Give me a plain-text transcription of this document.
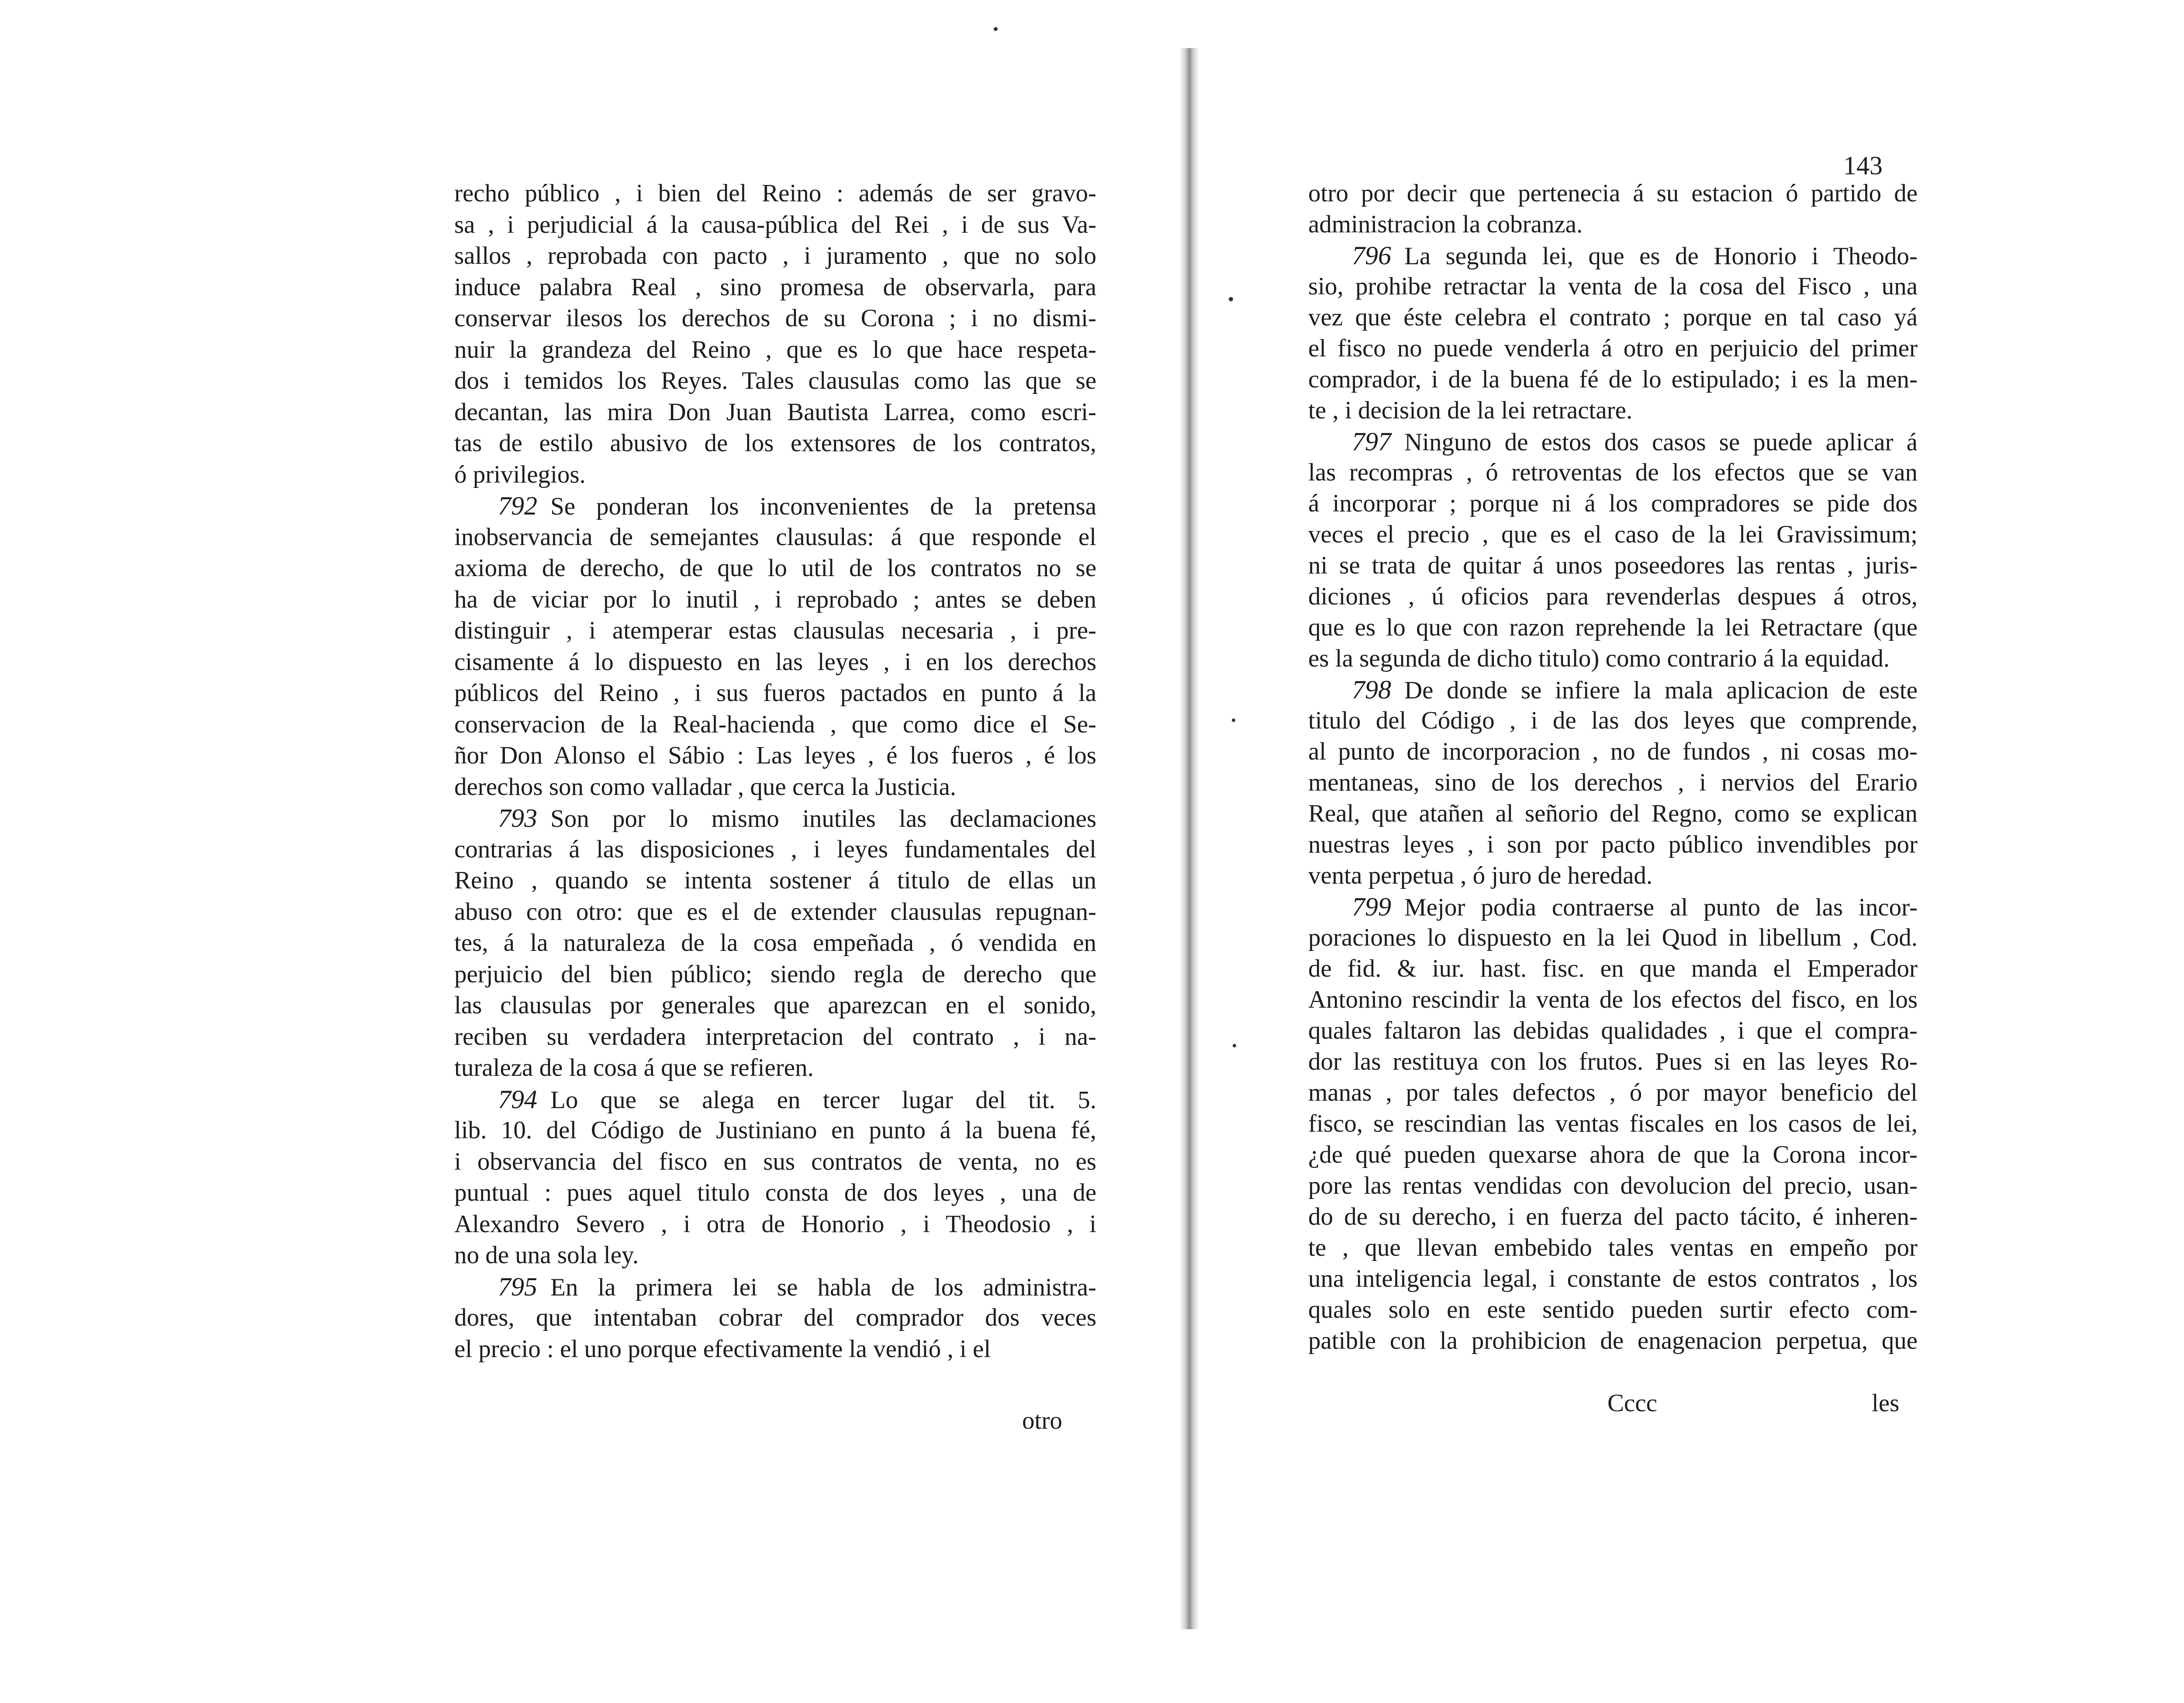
recho público , i bien del Reino : además de ser gravo-
sa , i perjudicial á la causa-pública del Rei , i de sus Va-
sallos , reprobada con pacto , i juramento , que no solo
induce palabra Real , sino promesa de observarla, para
conservar ilesos los derechos de su Corona ; i no dismi-
nuir la grandeza del Reino , que es lo que hace respeta-
dos i temidos los Reyes. Tales clausulas como las que se
decantan, las mira Don Juan Bautista Larrea, como escri-
tas de estilo abusivo de los extensores de los contratos,
ó privilegios.
792 Se ponderan los inconvenientes de la pretensa
inobservancia de semejantes clausulas: á que responde el
axioma de derecho, de que lo util de los contratos no se
ha de viciar por lo inutil , i reprobado ; antes se deben
distinguir , i atemperar estas clausulas necesaria , i pre-
cisamente á lo dispuesto en las leyes , i en los derechos
públicos del Reino , i sus fueros pactados en punto á la
conservacion de la Real-hacienda , que como dice el Se-
ñor Don Alonso el Sábio : Las leyes , é los fueros , é los
derechos son como valladar , que cerca la Justicia.
793 Son por lo mismo inutiles las declamaciones
contrarias á las disposiciones , i leyes fundamentales del
Reino , quando se intenta sostener á titulo de ellas un
abuso con otro: que es el de extender clausulas repugnan-
tes, á la naturaleza de la cosa empeñada , ó vendida en
perjuicio del bien público; siendo regla de derecho que
las clausulas por generales que aparezcan en el sonido,
reciben su verdadera interpretacion del contrato , i na-
turaleza de la cosa á que se refieren.
794 Lo que se alega en tercer lugar del tit. 5.
lib. 10. del Código de Justiniano en punto á la buena fé,
i observancia del fisco en sus contratos de venta, no es
puntual : pues aquel titulo consta de dos leyes , una de
Alexandro Severo , i otra de Honorio , i Theodosio , i
no de una sola ley.
795 En la primera lei se habla de los administra-
dores, que intentaban cobrar del comprador dos veces
el precio : el uno porque efectivamente la vendió , i el
otro
143
otro por decir que pertenecia á su estacion ó partido de
administracion la cobranza.
796 La segunda lei, que es de Honorio i Theodo-
sio, prohibe retractar la venta de la cosa del Fisco , una
vez que éste celebra el contrato ; porque en tal caso yá
el fisco no puede venderla á otro en perjuicio del primer
comprador, i de la buena fé de lo estipulado; i es la men-
te , i decision de la lei retractare.
797 Ninguno de estos dos casos se puede aplicar á
las recompras , ó retroventas de los efectos que se van
á incorporar ; porque ni á los compradores se pide dos
veces el precio , que es el caso de la lei Gravissimum;
ni se trata de quitar á unos poseedores las rentas , juris-
diciones , ú oficios para revenderlas despues á otros,
que es lo que con razon reprehende la lei Retractare (que
es la segunda de dicho titulo) como contrario á la equidad.
798 De donde se infiere la mala aplicacion de este
titulo del Código , i de las dos leyes que comprende,
al punto de incorporacion , no de fundos , ni cosas mo-
mentaneas, sino de los derechos , i nervios del Erario
Real, que atañen al señorio del Regno, como se explican
nuestras leyes , i son por pacto público invendibles por
venta perpetua , ó juro de heredad.
799 Mejor podia contraerse al punto de las incor-
poraciones lo dispuesto en la lei Quod in libellum , Cod.
de fid. & iur. hast. fisc. en que manda el Emperador
Antonino rescindir la venta de los efectos del fisco, en los
quales faltaron las debidas qualidades , i que el compra-
dor las restituya con los frutos. Pues si en las leyes Ro-
manas , por tales defectos , ó por mayor beneficio del
fisco, se rescindian las ventas fiscales en los casos de lei,
¿de qué pueden quexarse ahora de que la Corona incor-
pore las rentas vendidas con devolucion del precio, usan-
do de su derecho, i en fuerza del pacto tácito, é inheren-
te , que llevan embebido tales ventas en empeño por
una inteligencia legal, i constante de estos contratos , los
quales solo en este sentido pueden surtir efecto com-
patible con la prohibicion de enagenacion perpetua, que
Cccc	les
